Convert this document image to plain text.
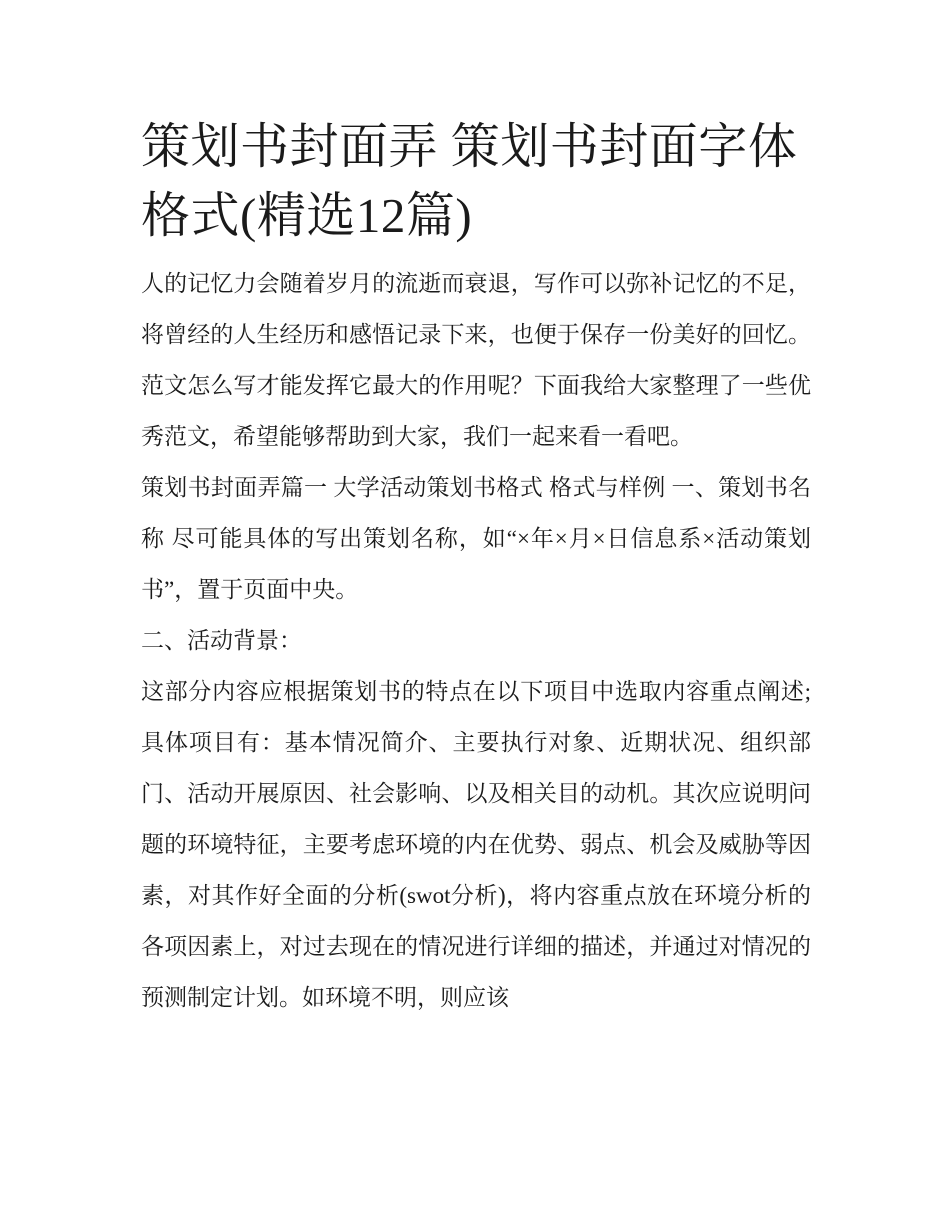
策划书封面弄 策划书封面字体格式(精选12篇)

人的记忆力会随着岁月的流逝而衰退，写作可以弥补记忆的不足，将曾经的人生经历和感悟记录下来，也便于保存一份美好的回忆。范文怎么写才能发挥它最大的作用呢？下面我给大家整理了一些优秀范文，希望能够帮助到大家，我们一起来看一看吧。

策划书封面弄篇一 大学活动策划书格式 格式与样例 一、策划书名称 尽可能具体的写出策划名称，如“×年×月×日信息系×活动策划书”，置于页面中央。

二、活动背景：

这部分内容应根据策划书的特点在以下项目中选取内容重点阐述;具体项目有：基本情况简介、主要执行对象、近期状况、组织部门、活动开展原因、社会影响、以及相关目的动机。其次应说明问题的环境特征，主要考虑环境的内在优势、弱点、机会及威胁等因素，对其作好全面的分析(swot分析)，将内容重点放在环境分析的各项因素上，对过去现在的情况进行详细的描述，并通过对情况的预测制定计划。如环境不明，则应该
